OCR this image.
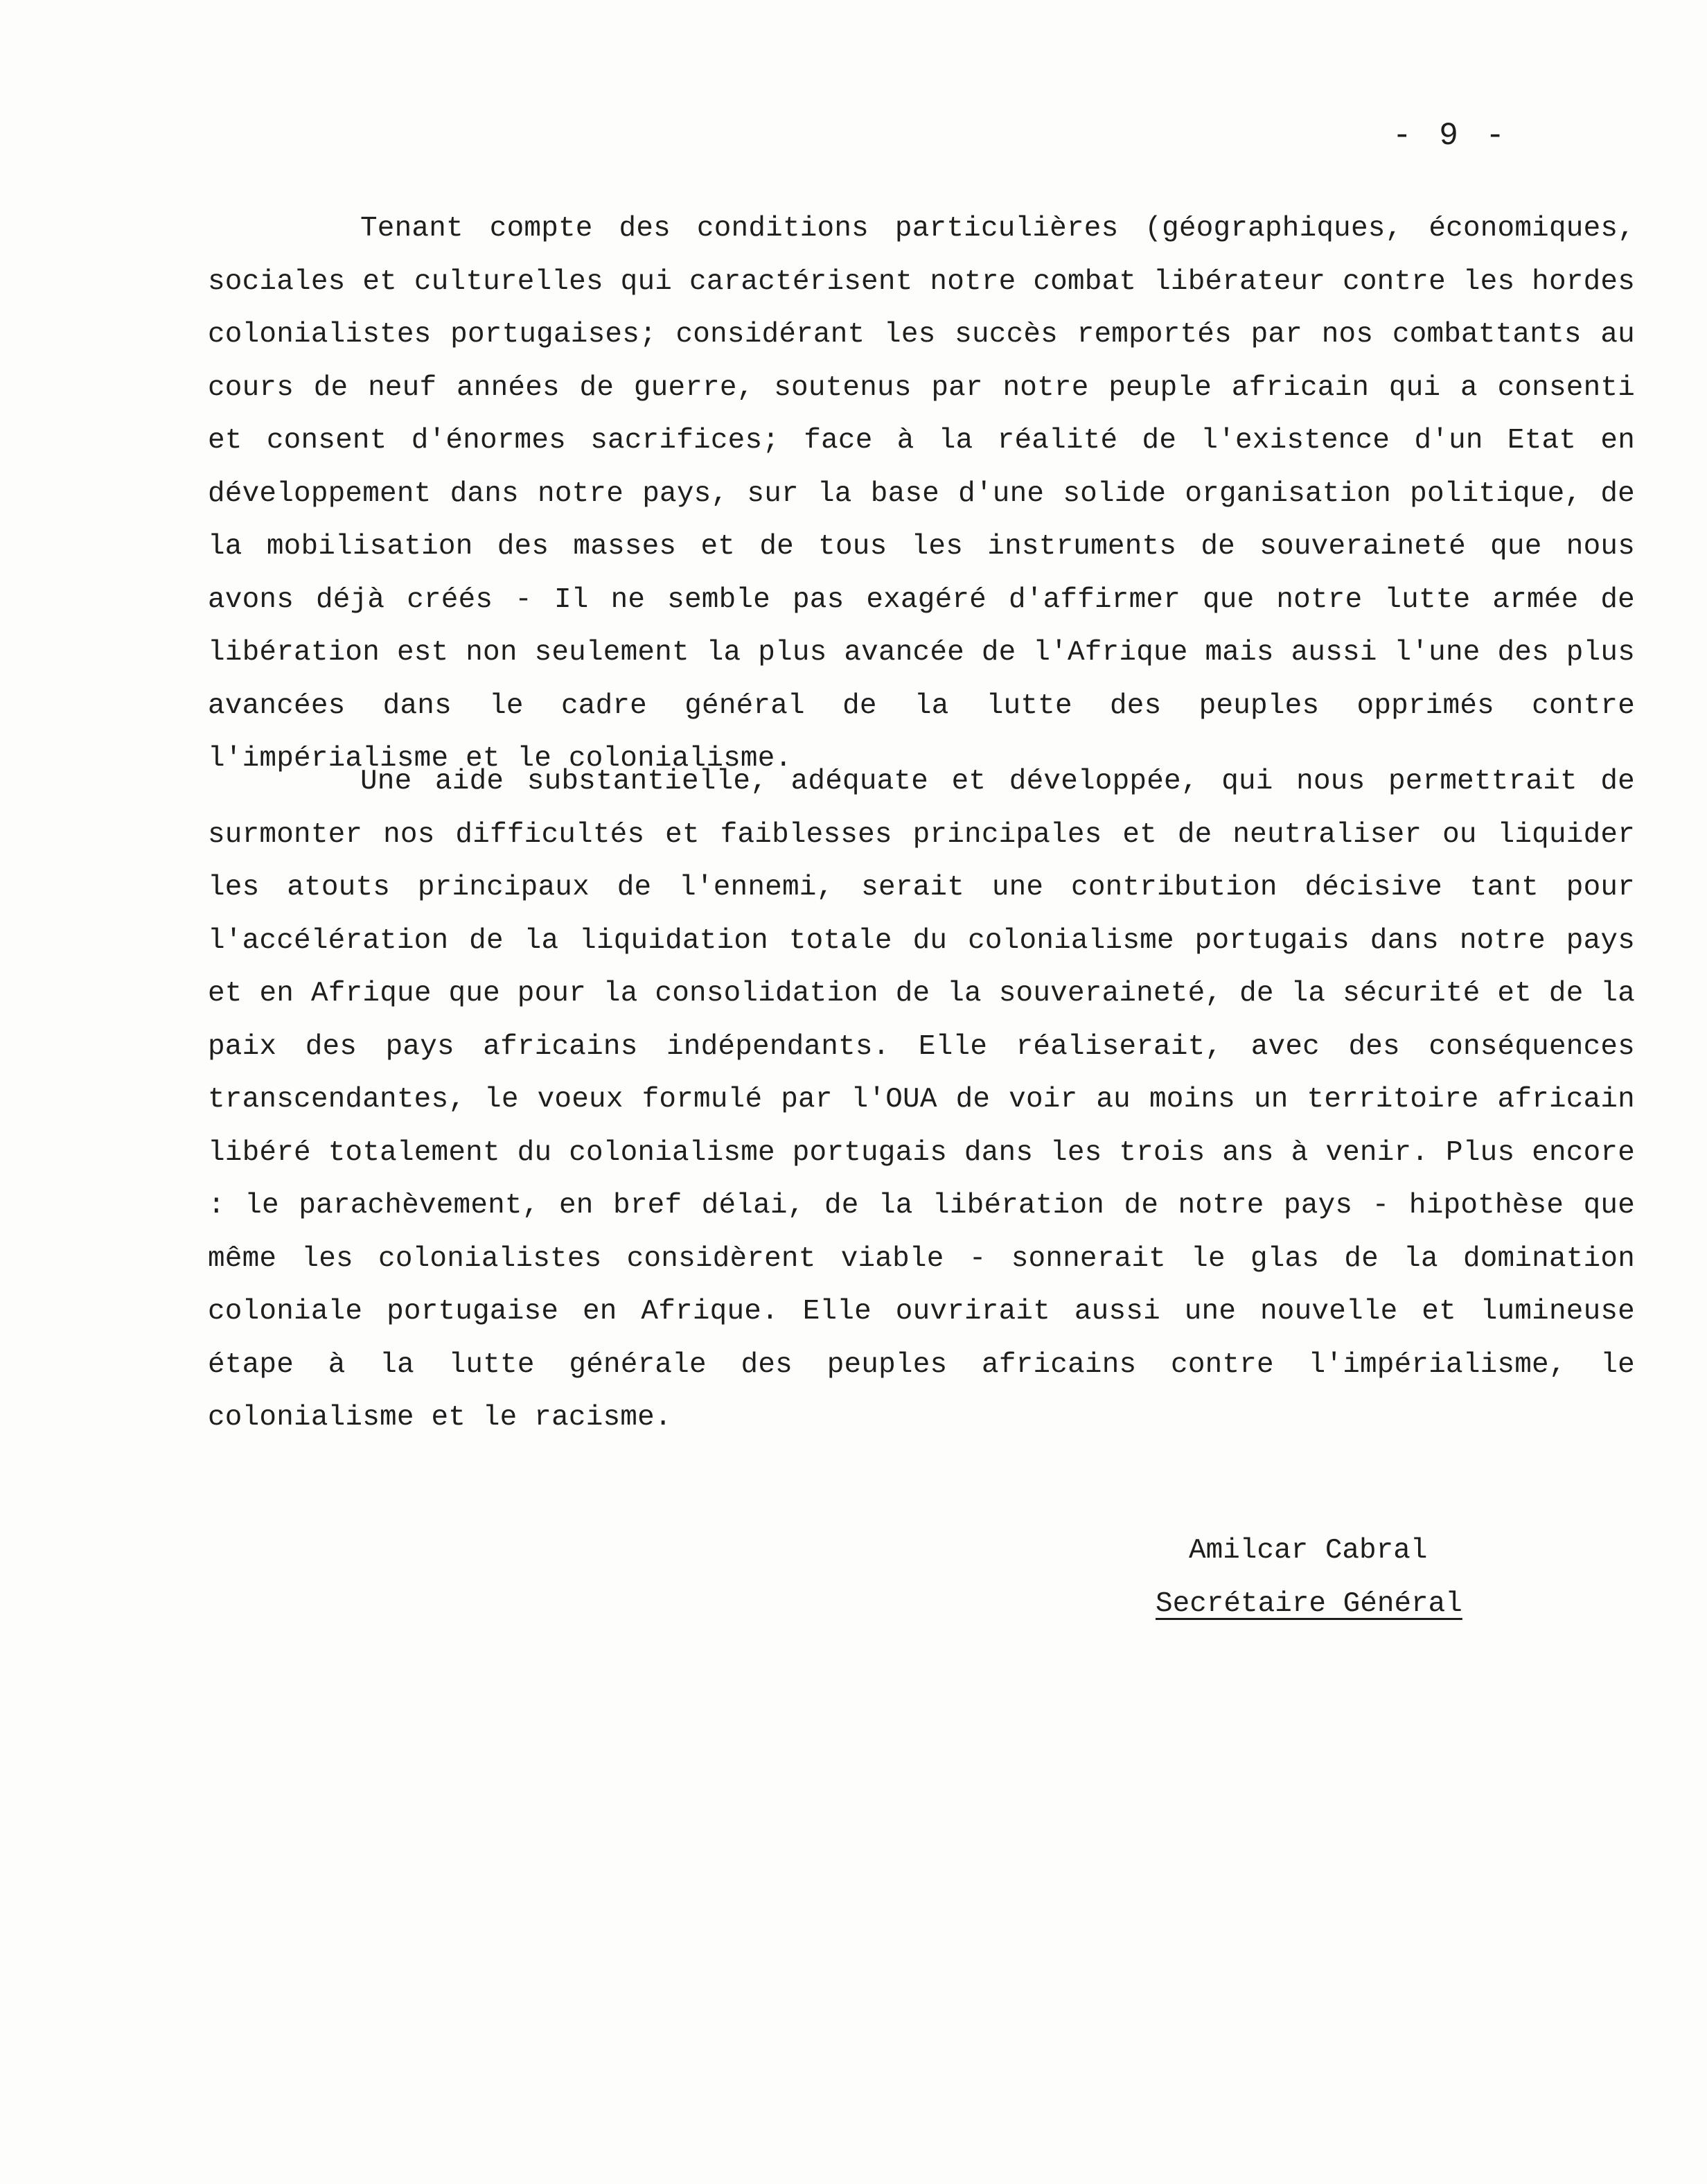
- 9 -

Tenant compte des conditions particulières (géographiques, économiques, sociales et culturelles qui caractérisent notre combat libérateur contre les hordes colonialistes portugaises; considérant les succès remportés par nos combattants au cours de neuf années de guerre, soutenus par notre peuple africain qui a consenti et consent d'énormes sacrifices; face à la réalité de l'existence d'un Etat en développement dans notre pays, sur la base d'une solide organisation politique, de la mobilisation des masses et de tous les instruments de souveraineté que nous avons déjà créés - Il ne semble pas exagéré d'affirmer que notre lutte armée de libération est non seulement la plus avancée de l'Afrique mais aussi l'une des plus avancées dans le cadre général de la lutte des peuples opprimés contre l'impérialisme et le colonialisme.

Une aide substantielle, adéquate et développée, qui nous permettrait de surmonter nos difficultés et faiblesses principales et de neutraliser ou liquider les atouts principaux de l'ennemi, serait une contribution décisive tant pour l'accélération de la liquidation totale du colonialisme portugais dans notre pays et en Afrique que pour la consolidation de la souveraineté, de la sécurité et de la paix des pays africains indépendants. Elle réaliserait, avec des conséquences transcendantes, le voeux formulé par l'OUA de voir au moins un territoire africain libéré totalement du colonialisme portugais dans les trois ans à venir. Plus encore : le parachèvement, en bref délai, de la libération de notre pays - hipothèse que même les colonialistes considèrent viable - sonnerait le glas de la domination coloniale portugaise en Afrique. Elle ouvrirait aussi une nouvelle et lumineuse étape à la lutte générale des peuples africains contre l'impérialisme, le colonialisme et le racisme.

Amilcar Cabral
Secrétaire Général
